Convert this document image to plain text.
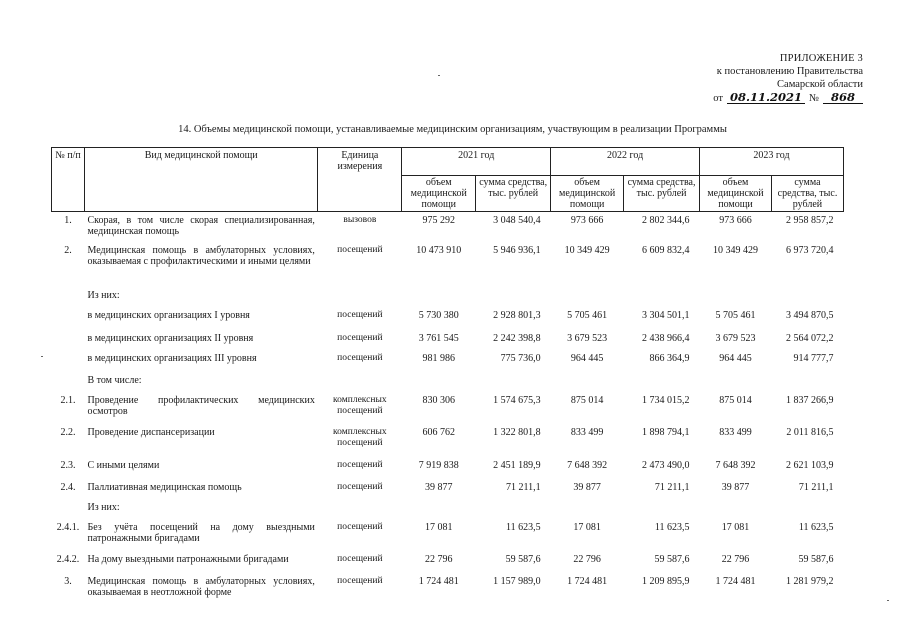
ПРИЛОЖЕНИЕ 3
к постановлению Правительства
Самарской области
от 08.11.2021 №	868
14. Объемы медицинской помощи, устанавливаемые медицинским организациям, участвующим в реализации Программы
№ п/п	Вид медицинской помощи	Единица измерения	2021 год		2022 год		2023 год	
			объем медицинской помощи	сумма средства, тыс. рублей	объем медицинской помощи	сумма средства, тыс. рублей	объем медицинской помощи	сумма средства, тыс. рублей
1.	Скорая, в том числе скорая специализированная, медицинская помощь	вызовов	975 292	3 048 540,4	973 666	2 802 344,6	973 666	2 958 857,2
2.	Медицинская помощь в амбулаторных условиях, оказываемая с профилактическими и иными целями	посещений	10 473 910	5 946 936,1	10 349 429	6 609 832,4	10 349 429	6 973 720,4
	Из них:							
	в медицинских организациях I уровня	посещений	5 730 380	2 928 801,3	5 705 461	3 304 501,1	5 705 461	3 494 870,5
	в медицинских организациях II уровня	посещений	3 761 545	2 242 398,8	3 679 523	2 438 966,4	3 679 523	2 564 072,2
	в медицинских организациях III уровня	посещений	981 986	775 736,0	964 445	866 364,9	964 445	914 777,7
	В том числе:							
2.1.	Проведение профилактических медицинских осмотров	комплексных посещений	830 306	1 574 675,3	875 014	1 734 015,2	875 014	1 837 266,9
2.2.	Проведение диспансеризации	комплексных посещений	606 762	1 322 801,8	833 499	1 898 794,1	833 499	2 011 816,5
2.3.	С иными целями	посещений	7 919 838	2 451 189,9	7 648 392	2 473 490,0	7 648 392	2 621 103,9
2.4.	Паллиативная медицинская помощь	посещений	39 877	71 211,1	39 877	71 211,1	39 877	71 211,1
	Из них:							
2.4.1.	Без учёта посещений на дому выездными патронажными бригадами	посещений	17 081	11 623,5	17 081	11 623,5	17 081	11 623,5
2.4.2.	На дому выездными патронажными бригадами	посещений	22 796	59 587,6	22 796	59 587,6	22 796	59 587,6
3.	Медицинская помощь в амбулаторных условиях, оказываемая в неотложной форме	посещений	1 724 481	1 157 989,0	1 724 481	1 209 895,9	1 724 481	1 281 979,2
